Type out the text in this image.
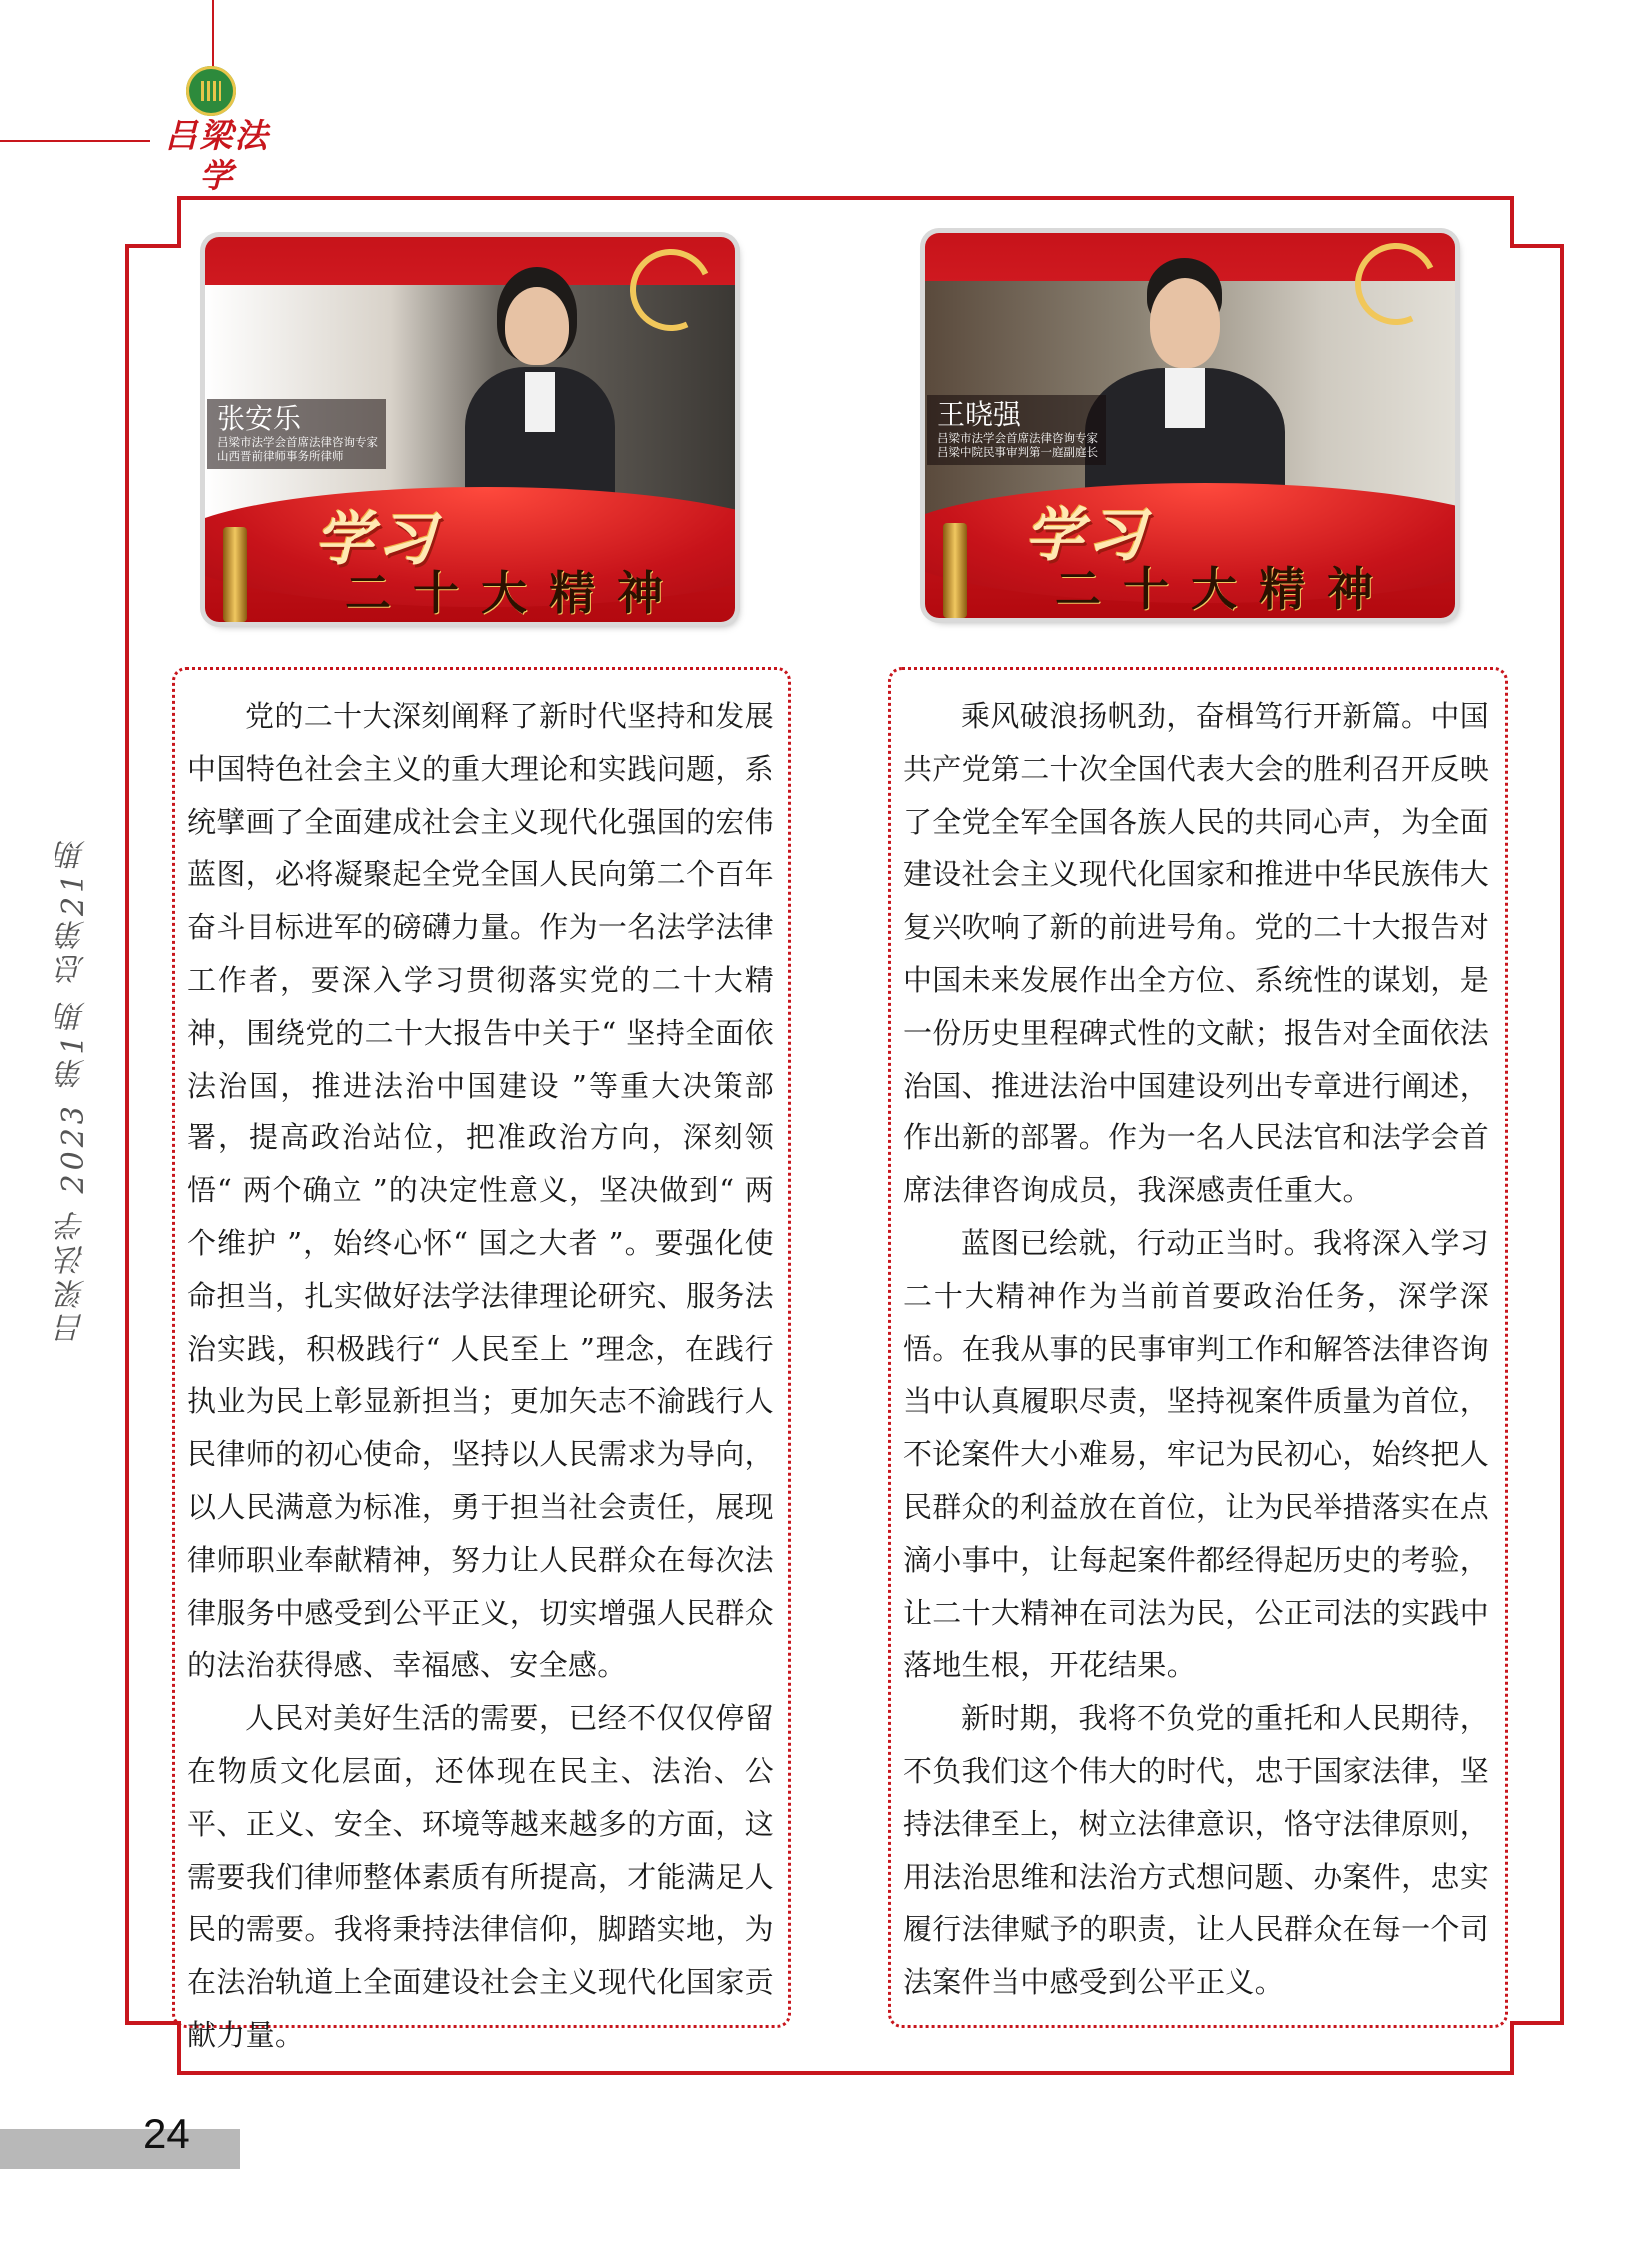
吕梁法学
吕梁法学 2023 第1期 总第21期
张安乐
吕梁市法学会首席法律咨询专家
山西晋前律师事务所律师
学习
二十大精神
王晓强
吕梁市法学会首席法律咨询专家
吕梁中院民事审判第一庭副庭长
学习
二十大精神

党的二十大深刻阐释了新时代坚持和发展中国特色社会主义的重大理论和实践问题，系统擘画了全面建成社会主义现代化强国的宏伟蓝图，必将凝聚起全党全国人民向第二个百年奋斗目标进军的磅礴力量。作为一名法学法律工作者，要深入学习贯彻落实党的二十大精神，围绕党的二十大报告中关于“ 坚持全面依法治国，推进法治中国建设 ”等重大决策部署，提高政治站位，把准政治方向，深刻领悟“ 两个确立 ”的决定性意义，坚决做到“ 两个维护 ”，始终心怀“ 国之大者 ”。要强化使命担当，扎实做好法学法律理论研究、服务法治实践，积极践行“ 人民至上 ”理念，在践行执业为民上彰显新担当；更加矢志不渝践行人民律师的初心使命，坚持以人民需求为导向，以人民满意为标准，勇于担当社会责任，展现律师职业奉献精神，努力让人民群众在每次法律服务中感受到公平正义，切实增强人民群众的法治获得感、幸福感、安全感。

人民对美好生活的需要，已经不仅仅停留在物质文化层面，还体现在民主、法治、公平、正义、安全、环境等越来越多的方面，这需要我们律师整体素质有所提高，才能满足人民的需要。我将秉持法律信仰，脚踏实地，为在法治轨道上全面建设社会主义现代化国家贡献力量。

乘风破浪扬帆劲，奋楫笃行开新篇。中国共产党第二十次全国代表大会的胜利召开反映了全党全军全国各族人民的共同心声，为全面建设社会主义现代化国家和推进中华民族伟大复兴吹响了新的前进号角。党的二十大报告对中国未来发展作出全方位、系统性的谋划，是一份历史里程碑式性的文献；报告对全面依法治国、推进法治中国建设列出专章进行阐述，作出新的部署。作为一名人民法官和法学会首席法律咨询成员，我深感责任重大。

蓝图已绘就，行动正当时。我将深入学习二十大精神作为当前首要政治任务，深学深悟。在我从事的民事审判工作和解答法律咨询当中认真履职尽责，坚持视案件质量为首位，不论案件大小难易，牢记为民初心，始终把人民群众的利益放在首位，让为民举措落实在点滴小事中，让每起案件都经得起历史的考验，让二十大精神在司法为民，公正司法的实践中落地生根，开花结果。

新时期，我将不负党的重托和人民期待，不负我们这个伟大的时代，忠于国家法律，坚持法律至上，树立法律意识，恪守法律原则，用法治思维和法治方式想问题、办案件，忠实履行法律赋予的职责，让人民群众在每一个司法案件当中感受到公平正义。

24
